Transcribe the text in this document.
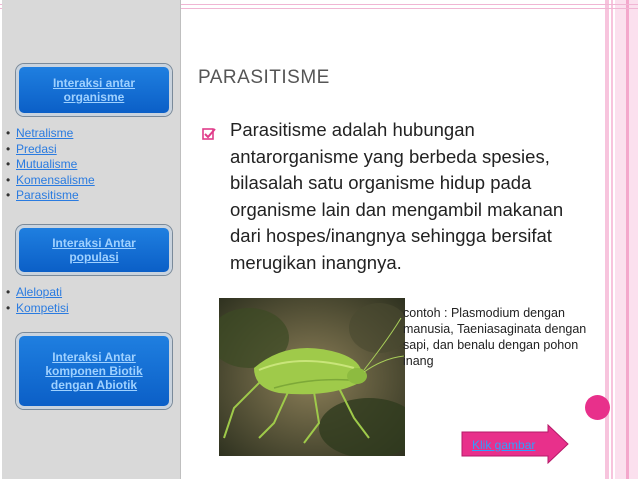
Interaksi antar
organisme
• Netralisme
• Predasi
• Mutualisme
• Komensalisme
• Parasitisme
Interaksi Antar
populasi
• Alelopati
• Kompetisi
Interaksi Antar
komponen Biotik
dengan Abiotik
PARASITISME
Parasitisme adalah hubungan antarorganisme yang berbeda spesies, bilasalah satu organisme hidup pada organisme lain dan mengambil makanan dari hospes/inangnya sehingga bersifat merugikan inangnya.
contoh : Plasmodium dengan manusia, Taeniasaginata dengan sapi, dan benalu dengan pohon inang
Klik gambar
